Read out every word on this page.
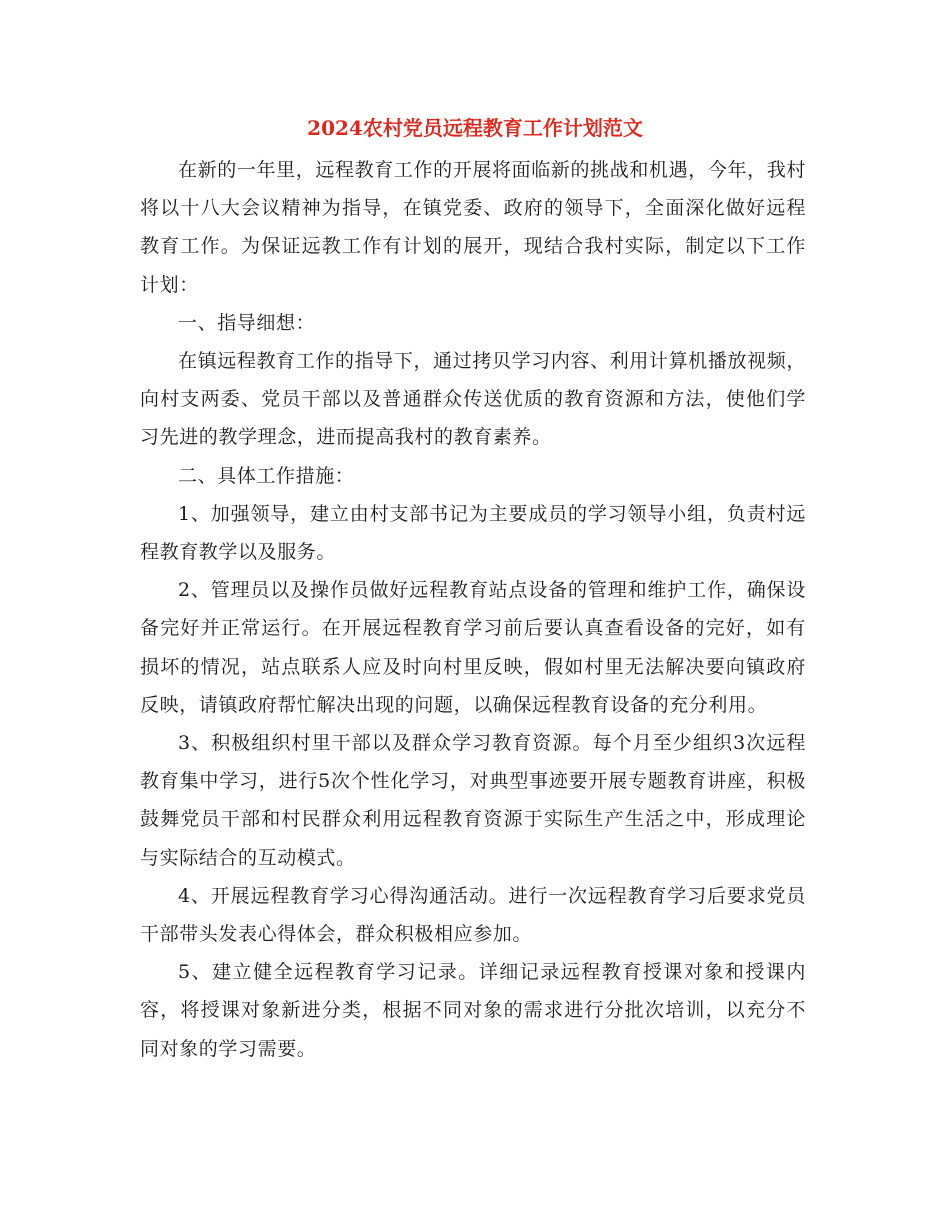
2024农村党员远程教育工作计划范文

在新的一年里，远程教育工作的开展将面临新的挑战和机遇，今年，我村将以十八大会议精神为指导，在镇党委、政府的领导下，全面深化做好远程教育工作。为保证远教工作有计划的展开，现结合我村实际，制定以下工作计划：

一、指导细想：

在镇远程教育工作的指导下，通过拷贝学习内容、利用计算机播放视频，向村支两委、党员干部以及普通群众传送优质的教育资源和方法，使他们学习先进的教学理念，进而提高我村的教育素养。

二、具体工作措施：

1、加强领导，建立由村支部书记为主要成员的学习领导小组，负责村远程教育教学以及服务。

2、管理员以及操作员做好远程教育站点设备的管理和维护工作，确保设备完好并正常运行。在开展远程教育学习前后要认真查看设备的完好，如有损坏的情况，站点联系人应及时向村里反映，假如村里无法解决要向镇政府反映，请镇政府帮忙解决出现的问题，以确保远程教育设备的充分利用。

3、积极组织村里干部以及群众学习教育资源。每个月至少组织3次远程教育集中学习，进行5次个性化学习，对典型事迹要开展专题教育讲座，积极鼓舞党员干部和村民群众利用远程教育资源于实际生产生活之中，形成理论与实际结合的互动模式。

4、开展远程教育学习心得沟通活动。进行一次远程教育学习后要求党员干部带头发表心得体会，群众积极相应参加。

5、建立健全远程教育学习记录。详细记录远程教育授课对象和授课内容，将授课对象新进分类，根据不同对象的需求进行分批次培训，以充分不同对象的学习需要。
